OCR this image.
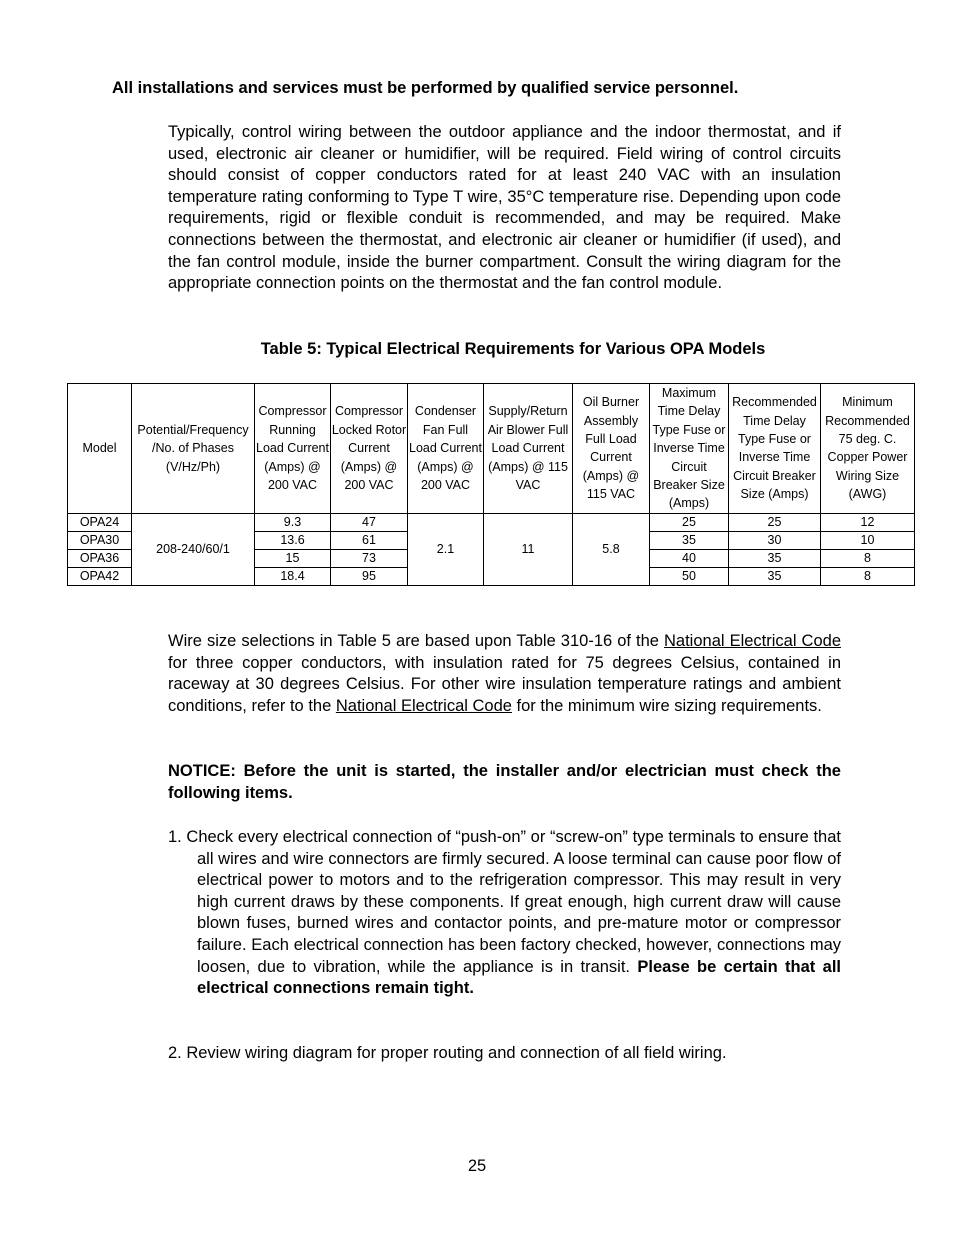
All installations and services must be performed by qualified service personnel.

Typically, control wiring between the outdoor appliance and the indoor thermostat, and if used, electronic air cleaner or humidifier, will be required. Field wiring of control circuits should consist of copper conductors rated for at least 240 VAC with an insulation temperature rating conforming to Type T wire, 35°C temperature rise. Depending upon code requirements, rigid or flexible conduit is recommended, and may be required. Make connections between the thermostat, and electronic air cleaner or humidifier (if used), and the fan control module, inside the burner compartment. Consult the wiring diagram for the appropriate connection points on the thermostat and the fan control module.

Table 5: Typical Electrical Requirements for Various OPA Models
Model	Potential/Frequency /No. of Phases (V/Hz/Ph)	Compressor Running Load Current (Amps) @ 200 VAC	Compressor Locked Rotor Current (Amps) @ 200 VAC	Condenser Fan Full Load Current (Amps) @ 200 VAC	Supply/Return Air Blower Full Load Current (Amps) @ 115 VAC	Oil Burner Assembly Full Load Current (Amps) @ 115 VAC	Maximum Time Delay Type Fuse or Inverse Time Circuit Breaker Size (Amps)	Recommended Time Delay Type Fuse or Inverse Time Circuit Breaker Size (Amps)	Minimum Recommended 75 deg. C. Copper Power Wiring Size (AWG)
OPA24	208-240/60/1	9.3	47	2.1	11	5.8	25	25	12
OPA30		13.6	61				35	30	10
OPA36		15	73				40	35	8
OPA42		18.4	95				50	35	8

Wire size selections in Table 5 are based upon Table 310-16 of the National Electrical Code for three copper conductors, with insulation rated for 75 degrees Celsius, contained in raceway at 30 degrees Celsius. For other wire insulation temperature ratings and ambient conditions, refer to the National Electrical Code for the minimum wire sizing requirements.

NOTICE: Before the unit is started, the installer and/or electrician must check the following items.

1. Check every electrical connection of “push-on” or “screw-on” type terminals to ensure that all wires and wire connectors are firmly secured. A loose terminal can cause poor flow of electrical power to motors and to the refrigeration compressor. This may result in very high current draws by these components. If great enough, high current draw will cause blown fuses, burned wires and contactor points, and pre-mature motor or compressor failure. Each electrical connection has been factory checked, however, connections may loosen, due to vibration, while the appliance is in transit. Please be certain that all electrical connections remain tight.

2. Review wiring diagram for proper routing and connection of all field wiring.

25
